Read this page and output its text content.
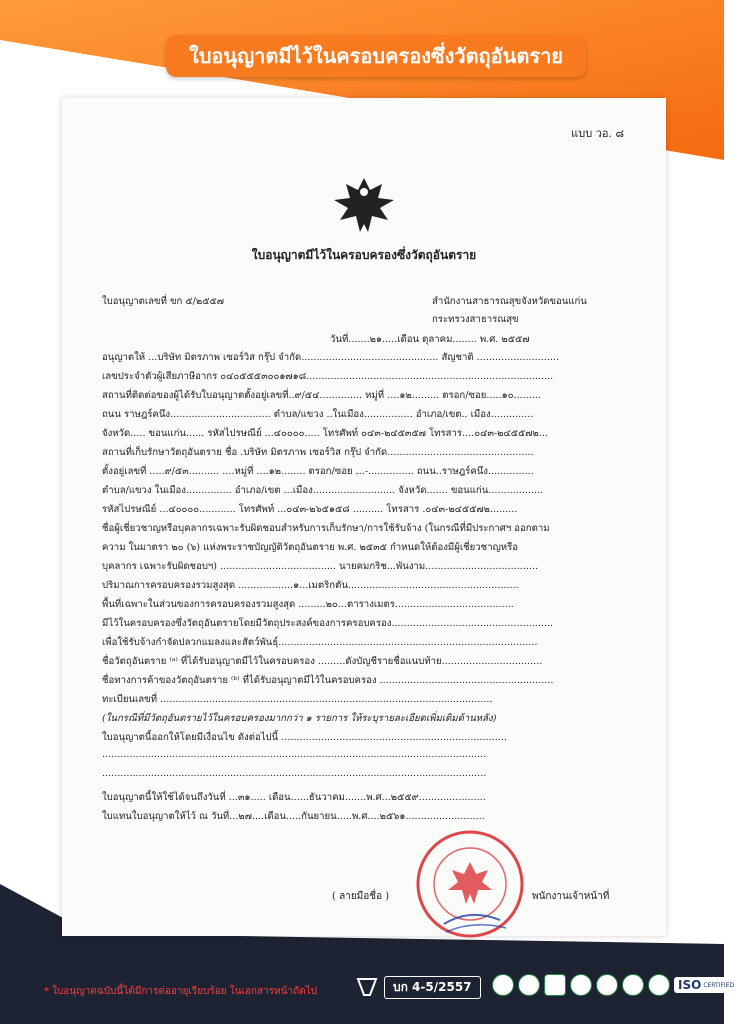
ใบอนุญาตมีไว้ในครอบครองซึ่งวัตถุอันตราย
แบบ วอ. ๘
ใบอนุญาตมีไว้ในครอบครองซึ่งวัตถุอันตราย
ใบอนุญาตเลขที่ ขก ๕/๒๕๕๗	สำนักงานสาธารณสุขจังหวัดขอนแก่น
กระทรวงสาธารณสุข
วันที่.......๒๑.....เดือน ตุลาคม........ พ.ศ. ๒๕๕๗
อนุญาตให้ ...บริษัท มิตรภาพ เซอร์วิส กรุ๊ป จำกัด............................................. สัญชาติ ...........................
เลขประจำตัวผู้เสียภาษีอากร ๐๔๐๕๕๕๓๐๐๑๗๑๘.................................................................................
สถานที่ติดต่อของผู้ได้รับใบอนุญาตตั้งอยู่เลขที่..๙/๕๔.............. หมู่ที่ ....๑๒......... ตรอก/ซอย.....๑๐.........
ถนน ราษฎร์คนึง................................. ตำบล/แขวง ..ในเมือง................ อำเภอ/เขต.. เมือง..............
จังหวัด..... ขอนแก่น...... รหัสไปรษณีย์ ...๔๐๐๐๐..... โทรศัพท์ ๐๔๓-๒๔๕๓๕๗ โทรสาร....๐๔๓-๒๔๕๕๗๒...
สถานที่เก็บรักษาวัตถุอันตราย ชื่อ .บริษัท มิตรภาพ เซอร์วิส กรุ๊ป จำกัด................................................
ตั้งอยู่เลขที่ .....๙/๕๓.......... ....หมู่ที่ ....๑๒........ ตรอก/ซอย ...-............... ถนน..ราษฎร์คนึง...............
ตำบล/แขวง ในเมือง............... อำเภอ/เขต ...เมือง........................... จังหวัด....... ขอนแก่น..................
รหัสไปรษณีย์ ...๔๐๐๐๐............ โทรศัพท์ ...๐๔๓-๒๖๕๑๕๘ .......... โทรสาร .๐๔๓-๒๔๕๕๗๒.........
ชื่อผู้เชี่ยวชาญหรือบุคลากรเฉพาะรับผิดชอบสำหรับการเก็บรักษา/การใช้รับจ้าง (ในกรณีที่มีประกาศฯ ออกตาม
ความ ในมาตรา ๒๐ (๖) แห่งพระราชบัญญัติวัตถุอันตราย พ.ศ. ๒๕๓๕ กำหนดให้ต้องมีผู้เชี่ยวชาญหรือ
บุคลากร เฉพาะรับผิดชอบฯ) ...................................... นายคมกริช...พันงาม.....................................
ปริมาณการครอบครองรวมสูงสุด ..................๑...เมตริกตัน........................................................
พื้นที่เฉพาะในส่วนของการครอบครองรวมสูงสุด .........๒๐...ตารางเมตร.......................................
มีไว้ในครอบครองซึ่งวัตถุอันตรายโดยมีวัตถุประสงค์ของการครอบครอง.....................................................
เพื่อใช้รับจ้างกำจัดปลวกแมลงและสัตว์พันธุ์.....................................................................................
ชื่อวัตถุอันตราย ⁽ᵃ⁾ ที่ได้รับอนุญาตมีไว้ในครอบครอง .........ดังบัญชีรายชื่อแนบท้าย.................................
ชื่อทางการค้าของวัตถุอันตราย ⁽ᵇ⁾ ที่ได้รับอนุญาตมีไว้ในครอบครอง .........................................................
ทะเบียนเลขที่ .............................................................................................................
(ในกรณีที่มีวัตถุอันตรายไว้ในครอบครองมากกว่า ๑ รายการ ให้ระบุรายละเอียดเพิ่มเติมด้านหลัง)
ใบอนุญาตนี้ออกให้โดยมีเงื่อนไข ดังต่อไปนี้ ..........................................................................
..............................................................................................................................
..............................................................................................................................
ใบอนุญาตนี้ให้ใช้ได้จนถึงวันที่ ...๓๑..... เดือน......ธันวาคม.......พ.ศ...๒๕๕๙......................
ใบแทนใบอนุญาตให้ไว้ ณ วันที่...๒๗....เดือน.....กันยายน.....พ.ศ....๒๕๖๑..........................
( ลายมือชื่อ )	พนักงานเจ้าหน้าที่
* ใบอนุญาตฉบับนี้ได้มีการต่ออายุเรียบร้อย ในเอกสารหน้าถัดไป	บก 4-5/2557	ISO CERTIFIED
